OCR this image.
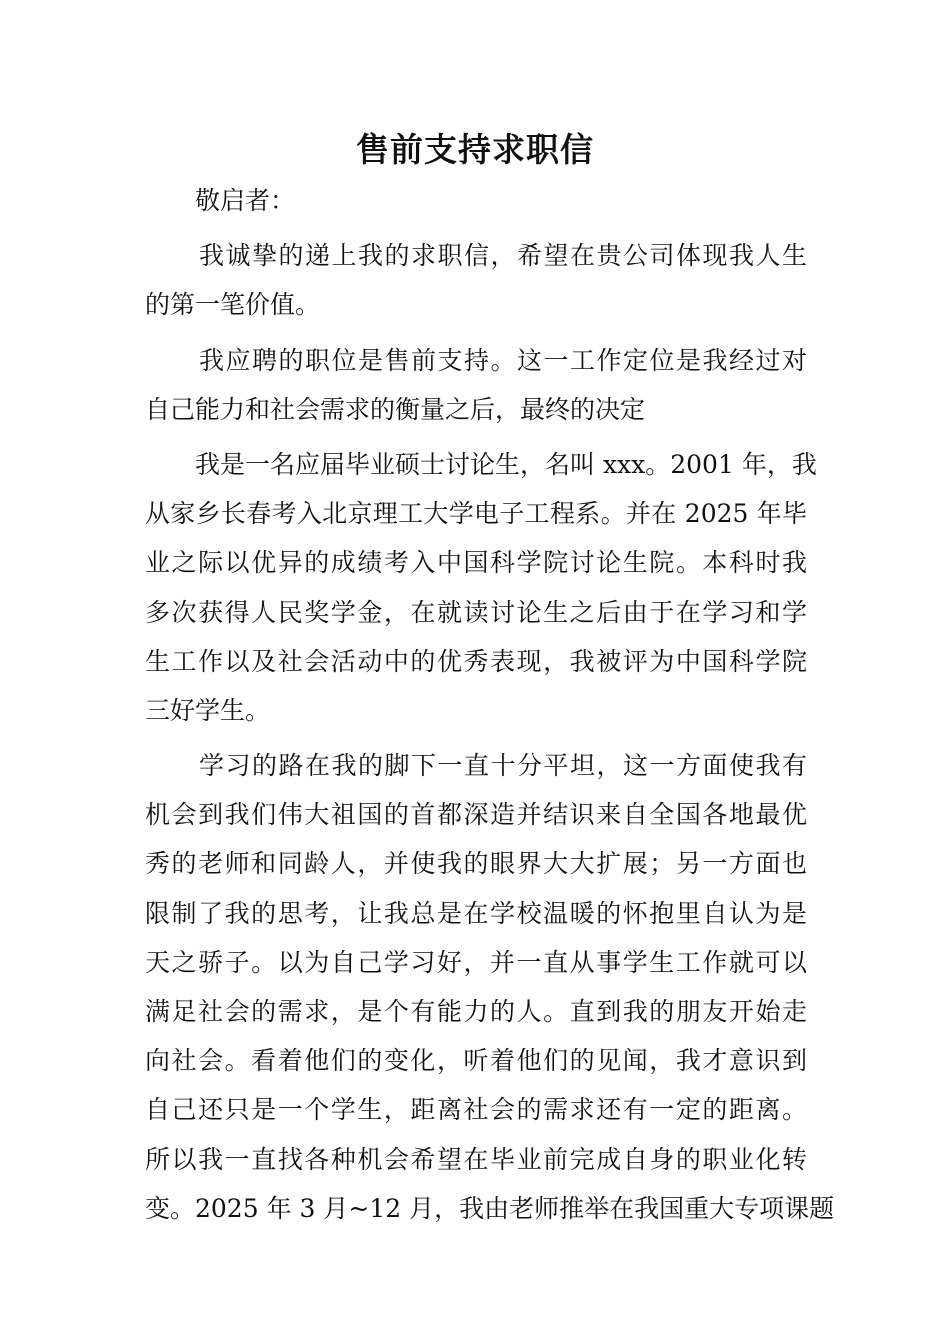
售前支持求职信
敬启者：
我诚挚的递上我的求职信，希望在贵公司体现我人生
的第一笔价值。
我应聘的职位是售前支持。这一工作定位是我经过对
自己能力和社会需求的衡量之后，最终的决定
我是一名应届毕业硕士讨论生，名叫 xxx。2001 年，我
从家乡长春考入北京理工大学电子工程系。并在 2025 年毕
业之际以优异的成绩考入中国科学院讨论生院。本科时我
多次获得人民奖学金，在就读讨论生之后由于在学习和学
生工作以及社会活动中的优秀表现，我被评为中国科学院
三好学生。
学习的路在我的脚下一直十分平坦，这一方面使我有
机会到我们伟大祖国的首都深造并结识来自全国各地最优
秀的老师和同龄人，并使我的眼界大大扩展；另一方面也
限制了我的思考，让我总是在学校温暖的怀抱里自认为是
天之骄子。以为自己学习好，并一直从事学生工作就可以
满足社会的需求，是个有能力的人。直到我的朋友开始走
向社会。看着他们的变化，听着他们的见闻，我才意识到
自己还只是一个学生，距离社会的需求还有一定的距离。
所以我一直找各种机会希望在毕业前完成自身的职业化转
变。2025 年 3 月~12 月，我由老师推举在我国重大专项课题
